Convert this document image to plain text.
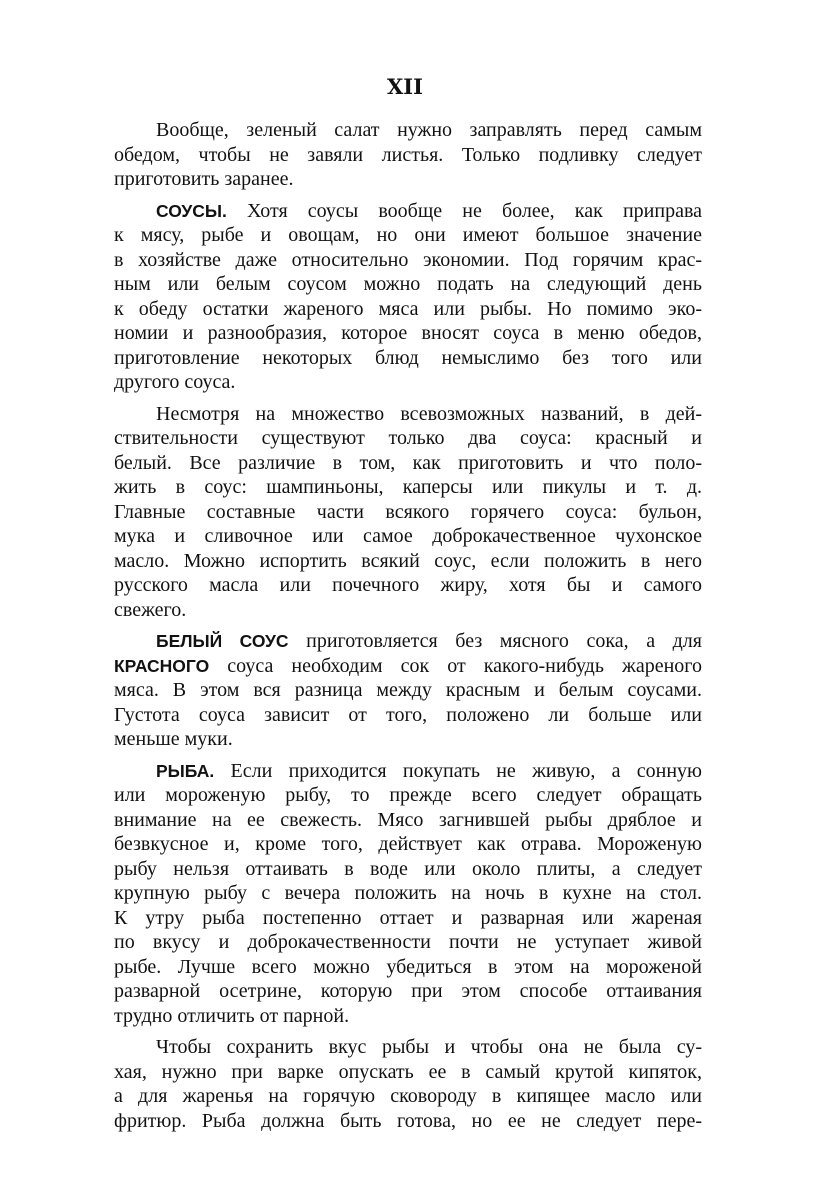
XII

Вообще, зеленый салат нужно заправлять перед самым
обедом, чтобы не завяли листья. Только подливку следует
приготовить заранее.

СОУСЫ. Хотя соусы вообще не более, как приправа
к мясу, рыбе и овощам, но они имеют большое значение
в хозяйстве даже относительно экономии. Под горячим крас-
ным или белым соусом можно подать на следующий день
к обеду остатки жареного мяса или рыбы. Но помимо эко-
номии и разнообразия, которое вносят соуса в меню обедов,
приготовление некоторых блюд немыслимо без того или
другого соуса.

Несмотря на множество всевозможных названий, в дей-
ствительности существуют только два соуса: красный и
белый. Все различие в том, как приготовить и что поло-
жить в соус: шампиньоны, каперсы или пикулы и т. д.
Главные составные части всякого горячего соуса: бульон,
мука и сливочное или самое доброкачественное чухонское
масло. Можно испортить всякий соус, если положить в него
русского масла или почечного жиру, хотя бы и самого
свежего.

БЕЛЫЙ СОУС приготовляется без мясного сока, а для
КРАСНОГО соуса необходим сок от какого-нибудь жареного
мяса. В этом вся разница между красным и белым соусами.
Густота соуса зависит от того, положено ли больше или
меньше муки.

РЫБА. Если приходится покупать не живую, а сонную
или мороженую рыбу, то прежде всего следует обращать
внимание на ее свежесть. Мясо загнившей рыбы дряблое и
безвкусное и, кроме того, действует как отрава. Мороженую
рыбу нельзя оттаивать в воде или около плиты, а следует
крупную рыбу с вечера положить на ночь в кухне на стол.
К утру рыба постепенно оттает и разварная или жареная
по вкусу и доброкачественности почти не уступает живой
рыбе. Лучше всего можно убедиться в этом на мороженой
разварной осетрине, которую при этом способе оттаивания
трудно отличить от парной.

Чтобы сохранить вкус рыбы и чтобы она не была су-
хая, нужно при варке опускать ее в самый крутой кипяток,
а для жаренья на горячую сковороду в кипящее масло или
фритюр. Рыба должна быть готова, но ее не следует пере-
